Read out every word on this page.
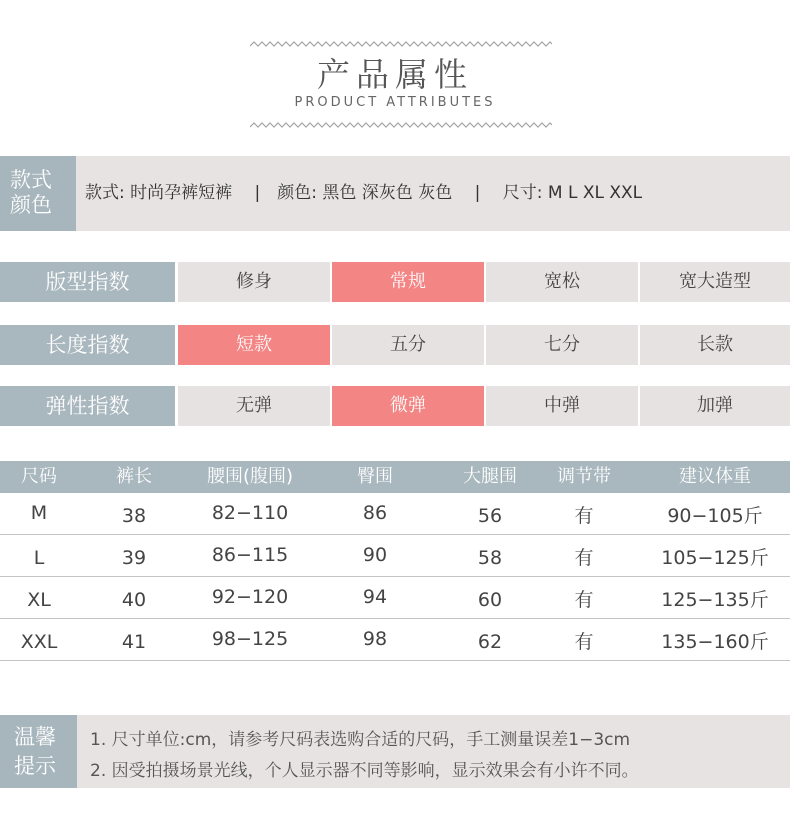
产品属性
PRODUCT ATTRIBUTES
款式
颜色	款式: 时尚孕裤短裤　 |　颜色: 黑色 深灰色 灰色　 |　 尺寸: M L XL XXL
版型指数	修身	常规	宽松	宽大造型
长度指数	短款	五分	七分	长款
弹性指数	无弹	微弹	中弹	加弹
尺码	裤长	腰围(腹围)	臀围	大腿围	调节带	建议体重
M	38	82−110	86	56	有	90−105斤
L	39	86−115	90	58	有	105−125斤
XL	40	92−120	94	60	有	125−135斤
XXL	41	98−125	98	62	有	135−160斤
温馨
提示
1. 尺寸单位:cm，请参考尺码表选购合适的尺码，手工测量误差1−3cm
2. 因受拍摄场景光线，个人显示器不同等影响，显示效果会有小许不同。
